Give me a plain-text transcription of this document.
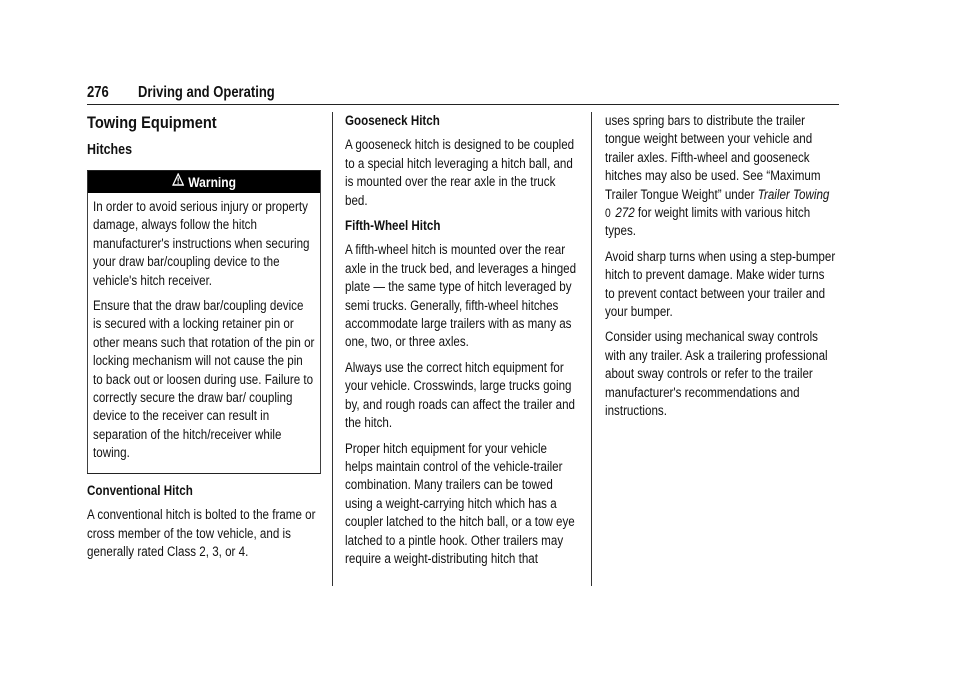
276 Driving and Operating
Towing Equipment
Hitches
Warning

In order to avoid serious injury or property damage, always follow the hitch manufacturer's instructions when securing your draw bar/coupling device to the vehicle's hitch receiver.

Ensure that the draw bar/coupling device is secured with a locking retainer pin or other means such that rotation of the pin or locking mechanism will not cause the pin to back out or loosen during use. Failure to correctly secure the draw bar/ coupling device to the receiver can result in separation of the hitch/receiver while towing.

Conventional Hitch

A conventional hitch is bolted to the frame or cross member of the tow vehicle, and is generally rated Class 2, 3, or 4.

Gooseneck Hitch

A gooseneck hitch is designed to be coupled to a special hitch leveraging a hitch ball, and is mounted over the rear axle in the truck bed.

Fifth-Wheel Hitch

A fifth-wheel hitch is mounted over the rear axle in the truck bed, and leverages a hinged plate — the same type of hitch leveraged by semi trucks. Generally, fifth-wheel hitches accommodate large trailers with as many as one, two, or three axles.

Always use the correct hitch equipment for your vehicle. Crosswinds, large trucks going by, and rough roads can affect the trailer and the hitch.

Proper hitch equipment for your vehicle helps maintain control of the vehicle-trailer combination. Many trailers can be towed using a weight-carrying hitch which has a coupler latched to the hitch ball, or a tow eye latched to a pintle hook. Other trailers may require a weight-distributing hitch that

uses spring bars to distribute the trailer tongue weight between your vehicle and trailer axles. Fifth-wheel and gooseneck hitches may also be used. See “Maximum Trailer Tongue Weight” under Trailer Towing
0 272 for weight limits with various hitch types.

Avoid sharp turns when using a step-bumper hitch to prevent damage. Make wider turns to prevent contact between your trailer and your bumper.

Consider using mechanical sway controls with any trailer. Ask a trailering professional about sway controls or refer to the trailer manufacturer's recommendations and instructions.
